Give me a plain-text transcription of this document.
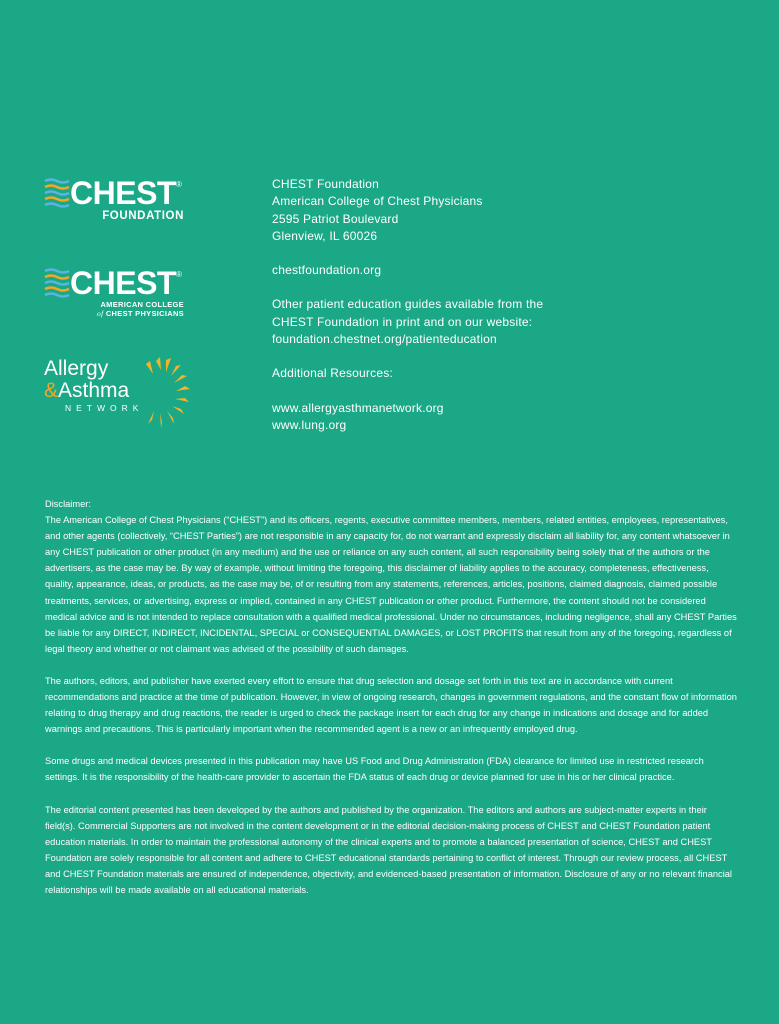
CHEST ®
FOUNDATION
CHEST ®
AMERICAN COLLEGE
of CHEST PHYSICIANS
Allergy
&Asthma
NETWORK

CHEST Foundation

American College of Chest Physicians

2595 Patriot Boulevard

Glenview, IL 60026

chestfoundation.org

Other patient education guides available from the

CHEST Foundation in print and on our website:

foundation.chestnet.org/patienteducation

Additional Resources:

www.allergyasthmanetwork.org

www.lung.org

Disclaimer:

The American College of Chest Physicians (“CHEST”) and its officers, regents, executive committee members, members, related entities, employees, representatives, and other agents (collectively, “CHEST Parties”) are not responsible in any capacity for, do not warrant and expressly disclaim all liability for, any content whatsoever in any CHEST publication or other product (in any medium) and the use or reliance on any such content, all such responsibility being solely that of the authors or the advertisers, as the case may be. By way of example, without limiting the foregoing, this disclaimer of liability applies to the accuracy, completeness, effectiveness, quality, appearance, ideas, or products, as the case may be, of or resulting from any statements, references, articles, positions, claimed diagnosis, claimed possible treatments, services, or advertising, express or implied, contained in any CHEST publication or other product. Furthermore, the content should not be considered medical advice and is not intended to replace consultation with a qualified medical professional. Under no circumstances, including negligence, shall any CHEST Parties be liable for any DIRECT, INDIRECT, INCIDENTAL, SPECIAL or CONSEQUENTIAL DAMAGES, or LOST PROFITS that result from any of the foregoing, regardless of legal theory and whether or not claimant was advised of the possibility of such damages.

The authors, editors, and publisher have exerted every effort to ensure that drug selection and dosage set forth in this text are in accordance with current recommendations and practice at the time of publication. However, in view of ongoing research, changes in government regulations, and the constant flow of information relating to drug therapy and drug reactions, the reader is urged to check the package insert for each drug for any change in indications and dosage and for added warnings and precautions. This is particularly important when the recommended agent is a new or an infrequently employed drug.

Some drugs and medical devices presented in this publication may have US Food and Drug Administration (FDA) clearance for limited use in restricted research settings. It is the responsibility of the health-care provider to ascertain the FDA status of each drug or device planned for use in his or her clinical practice.

The editorial content presented has been developed by the authors and published by the organization. The editors and authors are subject-matter experts in their field(s). Commercial Supporters are not involved in the content development or in the editorial decision-making process of CHEST and CHEST Foundation patient education materials. In order to maintain the professional autonomy of the clinical experts and to promote a balanced presentation of science, CHEST and CHEST Foundation are solely responsible for all content and adhere to CHEST educational standards pertaining to conflict of interest. Through our review process, all CHEST and CHEST Foundation materials are ensured of independence, objectivity, and evidenced-based presentation of information. Disclosure of any or no relevant financial relationships will be made available on all educational materials.
